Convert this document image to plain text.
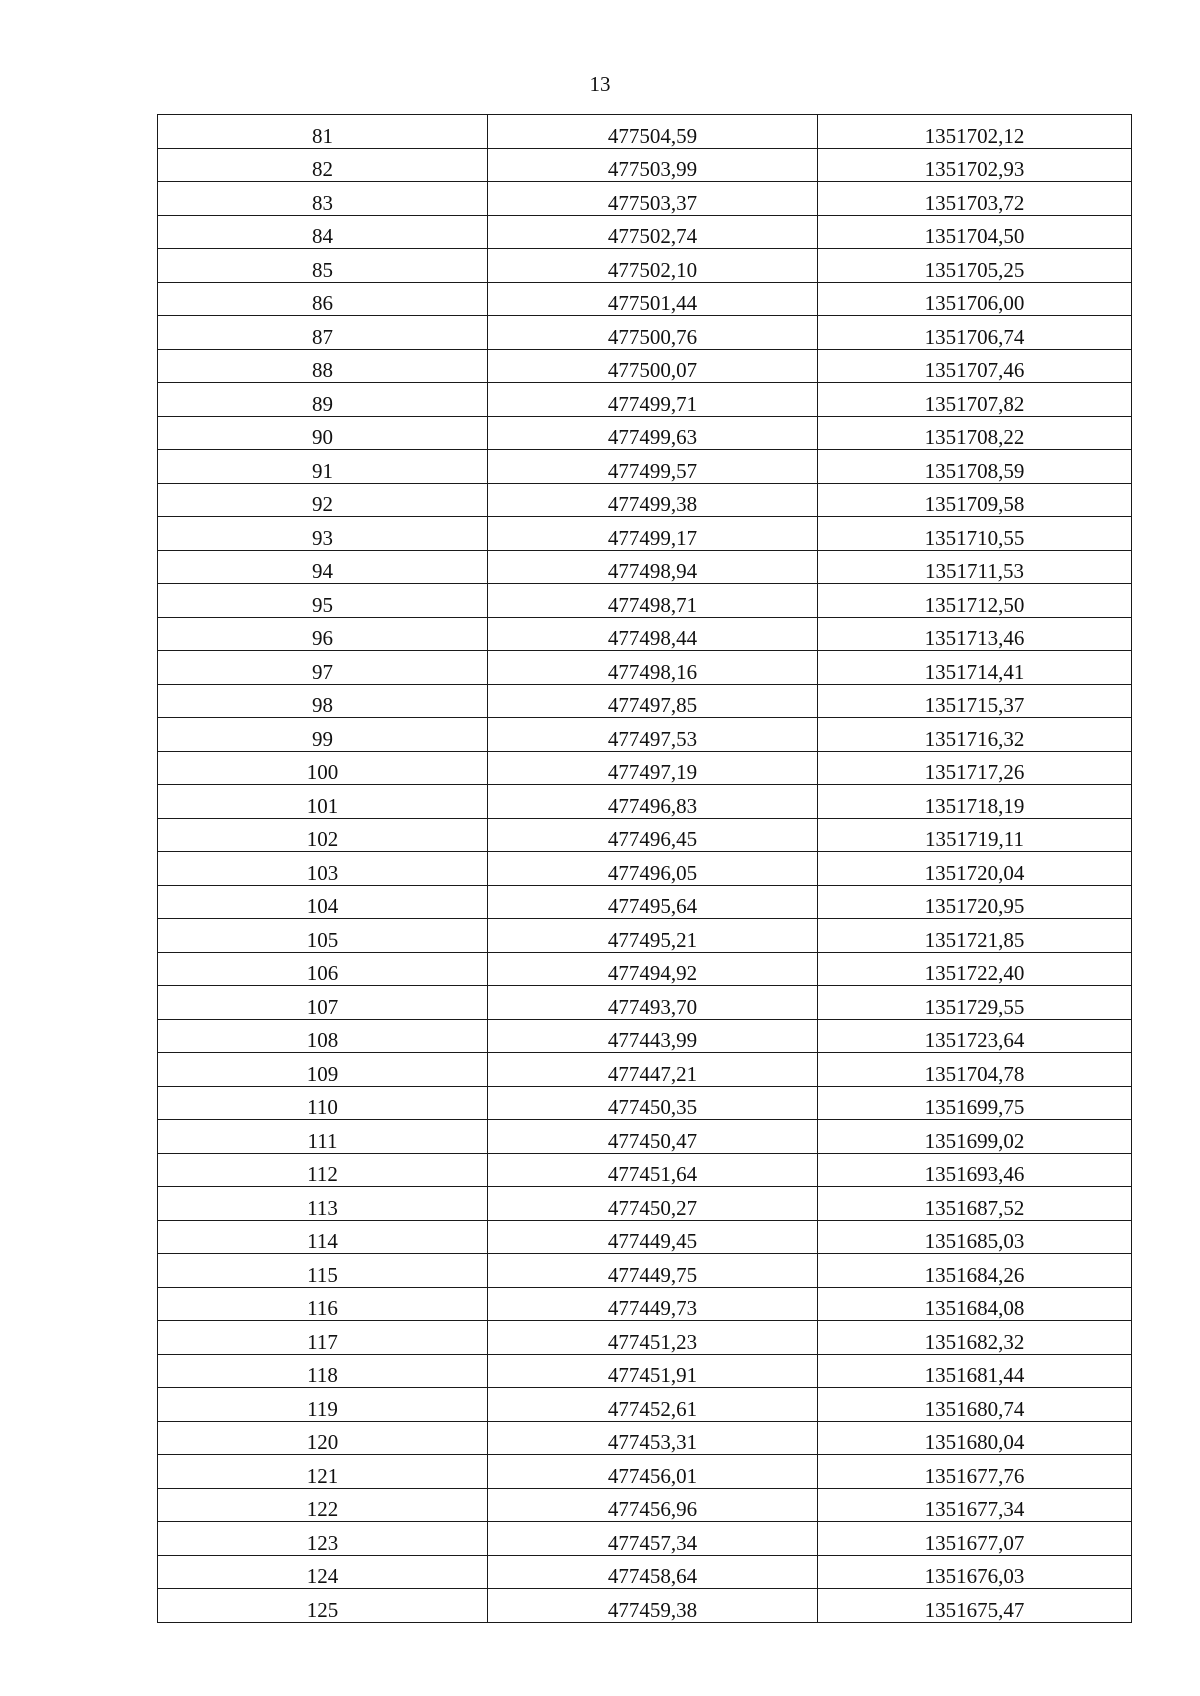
13
81	477504,59	1351702,12
82	477503,99	1351702,93
83	477503,37	1351703,72
84	477502,74	1351704,50
85	477502,10	1351705,25
86	477501,44	1351706,00
87	477500,76	1351706,74
88	477500,07	1351707,46
89	477499,71	1351707,82
90	477499,63	1351708,22
91	477499,57	1351708,59
92	477499,38	1351709,58
93	477499,17	1351710,55
94	477498,94	1351711,53
95	477498,71	1351712,50
96	477498,44	1351713,46
97	477498,16	1351714,41
98	477497,85	1351715,37
99	477497,53	1351716,32
100	477497,19	1351717,26
101	477496,83	1351718,19
102	477496,45	1351719,11
103	477496,05	1351720,04
104	477495,64	1351720,95
105	477495,21	1351721,85
106	477494,92	1351722,40
107	477493,70	1351729,55
108	477443,99	1351723,64
109	477447,21	1351704,78
110	477450,35	1351699,75
111	477450,47	1351699,02
112	477451,64	1351693,46
113	477450,27	1351687,52
114	477449,45	1351685,03
115	477449,75	1351684,26
116	477449,73	1351684,08
117	477451,23	1351682,32
118	477451,91	1351681,44
119	477452,61	1351680,74
120	477453,31	1351680,04
121	477456,01	1351677,76
122	477456,96	1351677,34
123	477457,34	1351677,07
124	477458,64	1351676,03
125	477459,38	1351675,47
